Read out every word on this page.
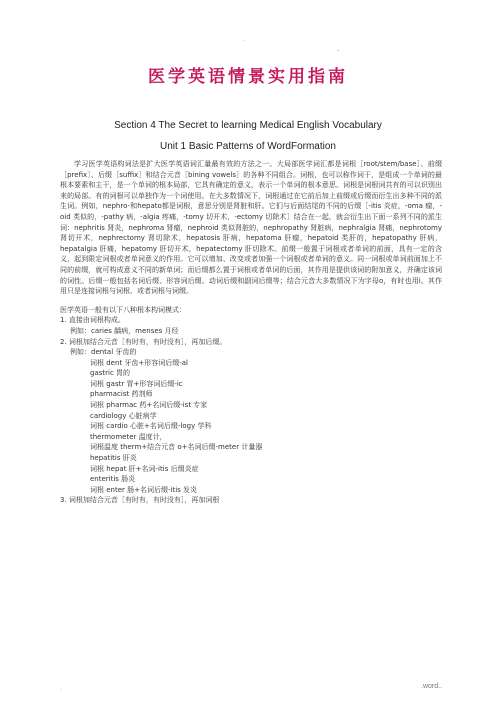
.
-
医学英语情景实用指南
Section 4 The Secret to learning Medical English Vocabulary
Unit 1 Basic Patterns of WordFormation

学习医学英语构词法是扩大医学英语词汇量最有效的方法之一。大局部医学词汇都是词根［root/stem/base］、前缀［prefix］、后缀［suffix］和结合元音［bining vowels］的各种不同组合。词根，也可以称作词干，是组成一个单词的最根本要素和主干，是一个单词的根本局部，它具有确定的意义，表示一个单词的根本意思。词根是词根词共有的可以识别出来的局部。有的词根可以单独作为一个词使用。在大多数情况下，词根通过在它前后加上前缀或后缀而衍生出多种不同的派生词。例如，nephro-和hepato都是词根，意思分别是肾脏和肝。它们与后面结尾的不同的后缀［-itis 炎症，-oma 瘤，-oid 类似的，-pathy 病，-algia 疼痛，-tomy 切开术，-ectomy 切除术］结合在一起，就会衍生出下面一系列不同的派生词：nephritis 肾炎，nephroma 肾瘤，nephroid 类似肾脏的，nephropathy 肾脏病，nephralgia 肾痛，nephrotomy 肾切开术，nephrectomy 肾切除术，hepatosis 肝病，hepatoma 肝瘤，hepatoid 类肝的，hepatopathy 肝病，hepatalgia 肝痛，hepatomy 肝切开术，hepatectomy 肝切除术。前缀一般置于词根或者单词的前面，具有一定的含义，起到限定词根或者单词意义的作用。它可以增加、改变或者加强一个词根或者单词的意义。同一词根或单词前面加上不同的前缀，就可构成意义不同的新单词；而后缀都么置于词根或者单词的后面，其作用是提供该词的附加意义，并确定该词的词性。后缀一般包括名词后缀、形容词后缀、动词后缀和副词后缀等；结合元音大多数情况下为字母o，有时也用i。其作用只是连接词根与词根、或者词根与词缀。

医学英语一般有以下八种根本构词模式：
1. 直接由词根构成。
例如：caries 龋病，menses 月经
2. 词根加结合元音［有时有，有时没有］，再加后缀。
例如：dental 牙齿的
词根 dent 牙齿+形容词后缀-al
gastric 胃的
词根 gastr 胃+形容词后缀-ic
pharmacist 药剂师
词根 pharmac 药+名词后缀-ist 专家
cardiology 心脏病学
词根 cardio 心脏+名词后缀-logy 学科
thermometer 温度计，
词根温度 therm+结合元音 o+名词后缀-meter 计量器
hepatitis 肝炎
词根 hepat 肝+名词-itis 后缀炎症
enteritis 肠炎
词根 enter 肠+名词后缀-itis 发炎
3. 词根加结合元音［有时有，有时没有］，再加词根
.	.word..
